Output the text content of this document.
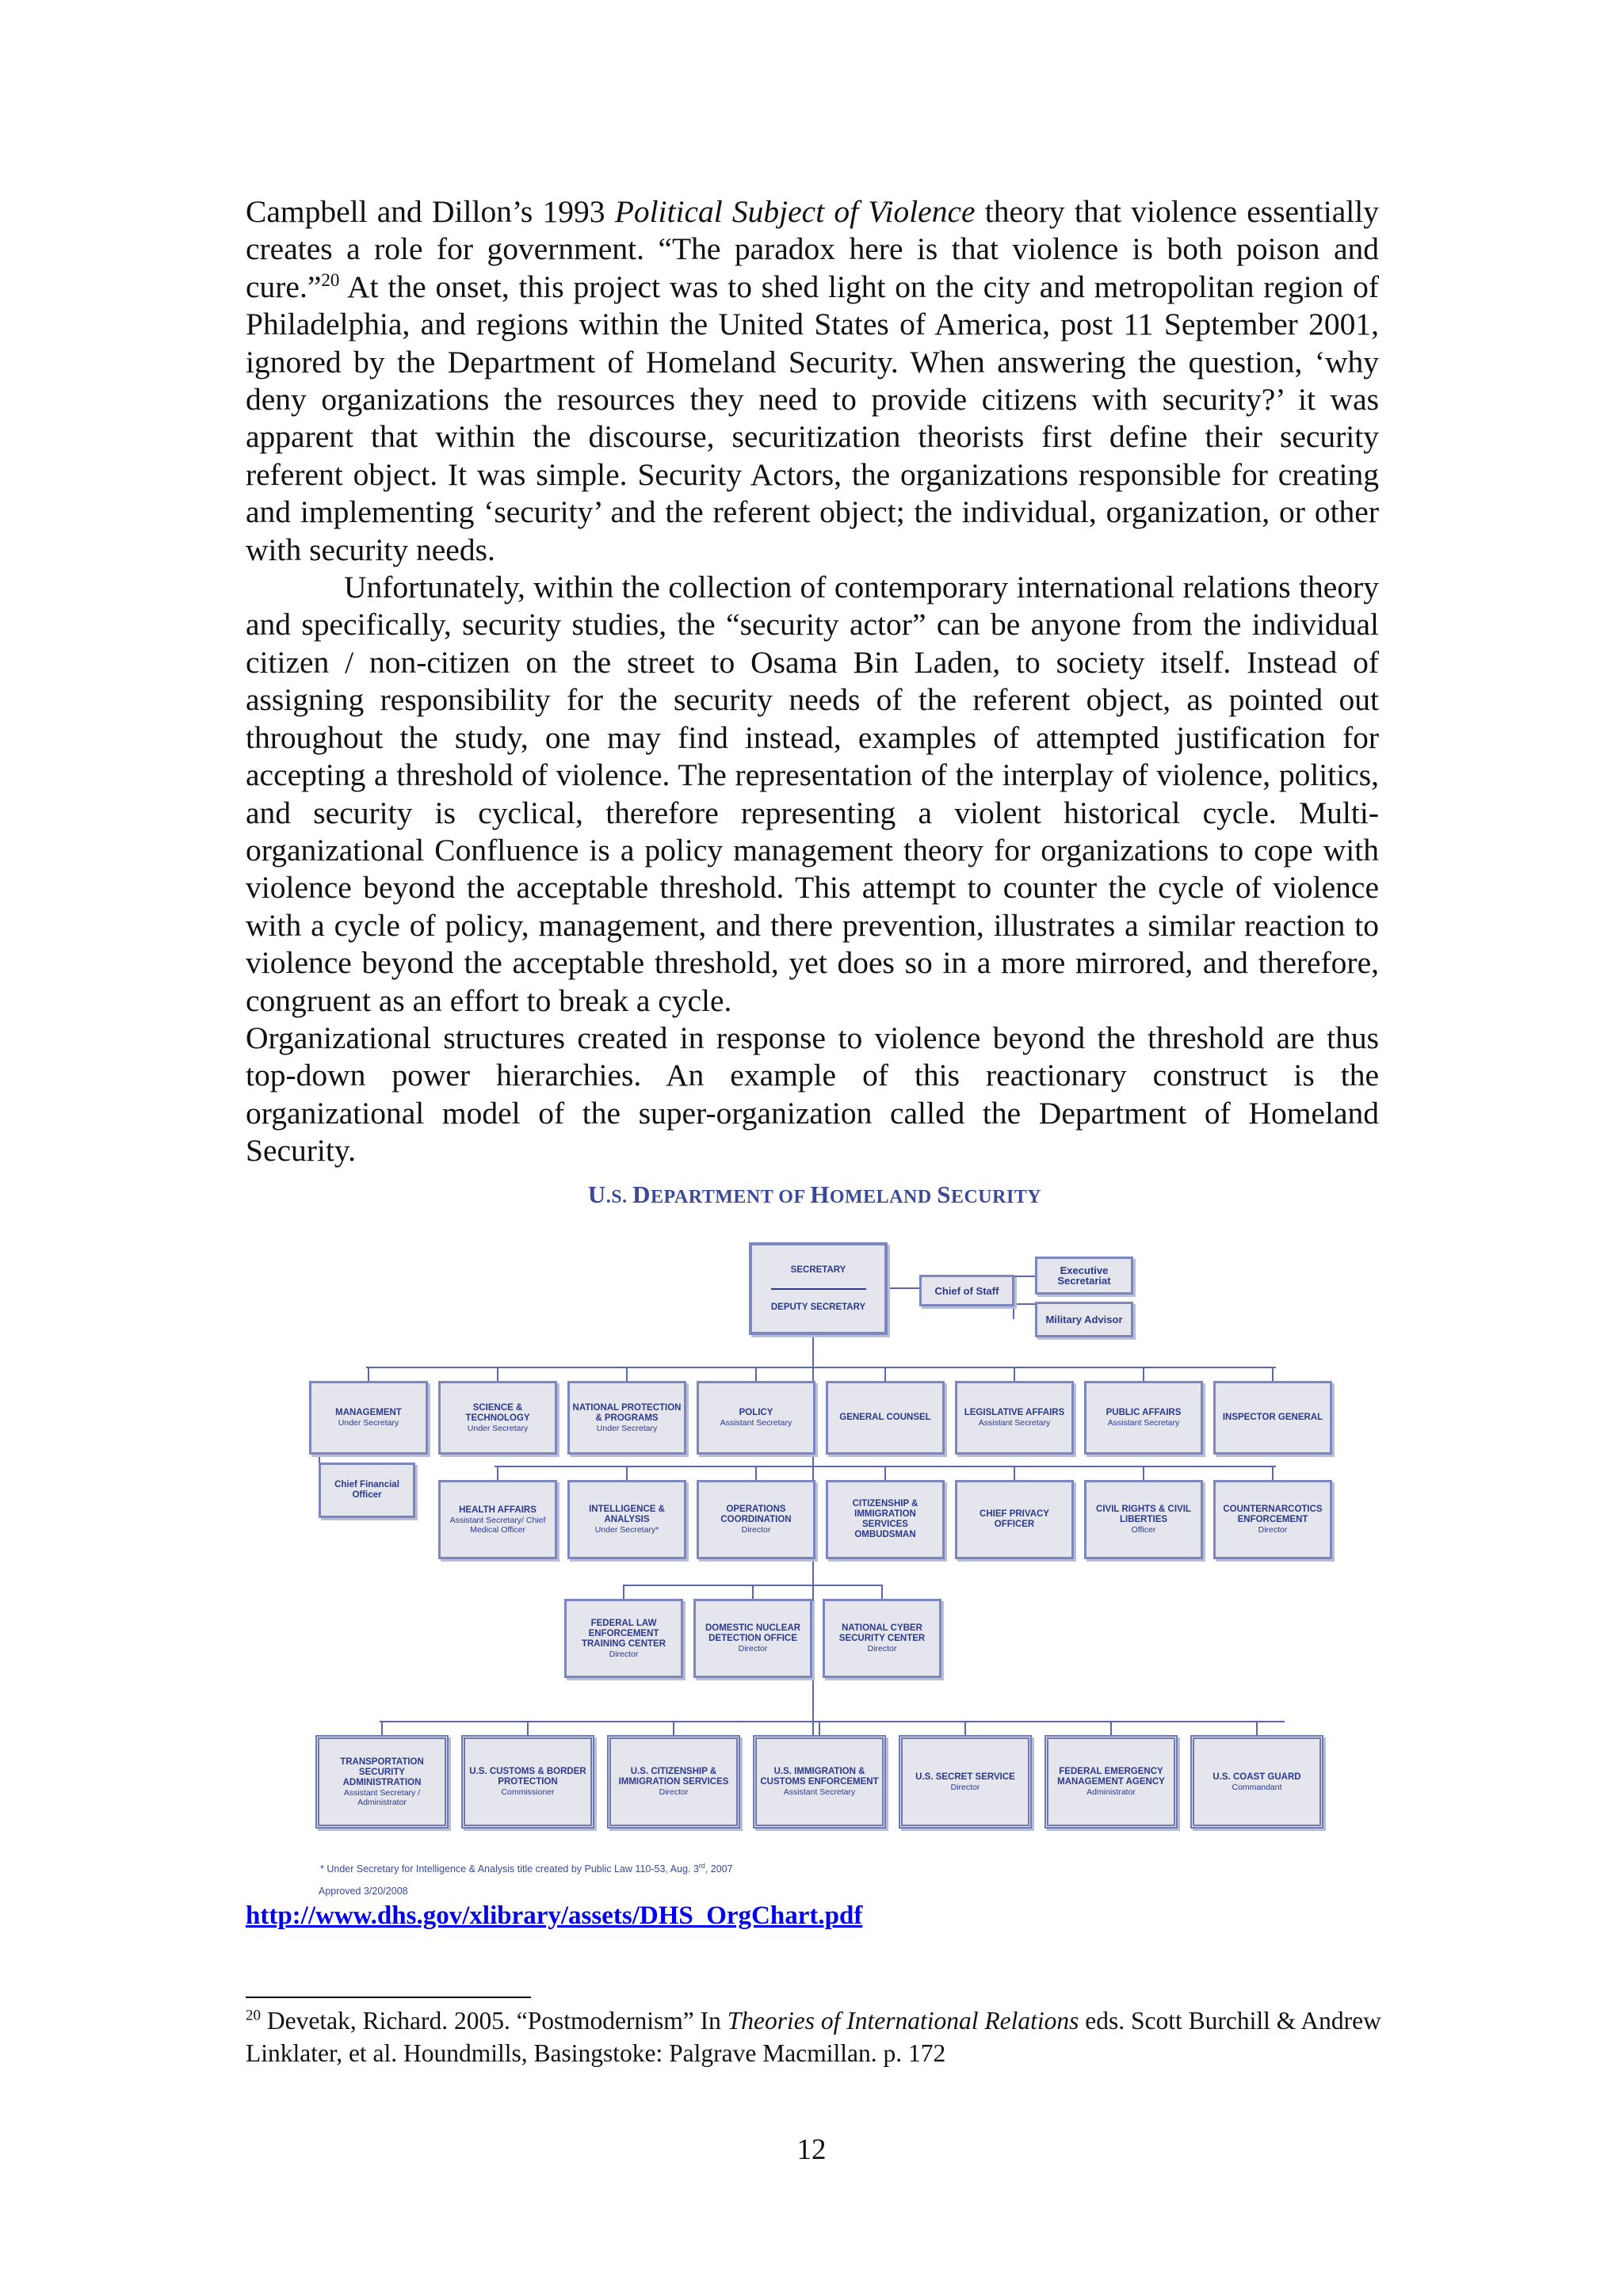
Campbell and Dillon’s 1993 Political Subject of Violence theory that violence essentially creates a role for government. “The paradox here is that violence is both poison and cure.”$^{20}$ At the onset, this project was to shed light on the city and metropolitan region of Philadelphia, and regions within the United States of America, post 11 September 2001, ignored by the Department of Homeland Security. When answering the question, ‘why deny organizations the resources they need to provide citizens with security?’ it was apparent that within the discourse, securitization theorists first define their security referent object. It was simple. Security Actors, the organizations responsible for creating and implementing ‘security’ and the referent object; the individual, organization, or other with security needs.

Unfortunately, within the collection of contemporary international relations theory and specifically, security studies, the “security actor” can be anyone from the individual citizen / non-citizen on the street to Osama Bin Laden, to society itself. Instead of assigning responsibility for the security needs of the referent object, as pointed out throughout the study, one may find instead, examples of attempted justification for accepting a threshold of violence. The representation of the interplay of violence, politics, and security is cyclical, therefore representing a violent historical cycle. Multi-organizational Confluence is a policy management theory for organizations to cope with violence beyond the acceptable threshold. This attempt to counter the cycle of violence with a cycle of policy, management, and there prevention, illustrates a similar reaction to violence beyond the acceptable threshold, yet does so in a more mirrored, and therefore, congruent as an effort to break a cycle.

Organizational structures created in response to violence beyond the threshold are thus top-down power hierarchies. An example of this reactionary construct is the organizational model of the super-organization called the Department of Homeland Security.

U.S. DEPARTMENT OF HOMELAND SECURITY
SECRETARY
DEPUTY SECRETARY
Chief of Staff
Executive Secretariat
Military Advisor
MANAGEMENT
Under Secretary
SCIENCE & TECHNOLOGY
Under Secretary
NATIONAL PROTECTION & PROGRAMS
Under Secretary
POLICY
Assistant Secretary
GENERAL COUNSEL	LEGISLATIVE AFFAIRS
Assistant Secretary
PUBLIC AFFAIRS
Assistant Secretary
INSPECTOR GENERAL
Chief Financial Officer
HEALTH AFFAIRS
Assistant Secretary/ Chief Medical Officer
INTELLIGENCE & ANALYSIS
Under Secretary*
OPERATIONS COORDINATION
Director
CITIZENSHIP & IMMIGRATION SERVICES OMBUDSMAN
CHIEF PRIVACY OFFICER
CIVIL RIGHTS & CIVIL LIBERTIES
Officer
COUNTERNARCOTICS ENFORCEMENT
Director
FEDERAL LAW ENFORCEMENT TRAINING CENTER
Director
DOMESTIC NUCLEAR DETECTION OFFICE
Director
NATIONAL CYBER SECURITY CENTER
Director
TRANSPORTATION SECURITY ADMINISTRATION
Assistant Secretary / Administrator
U.S. CUSTOMS & BORDER PROTECTION
Commissioner
U.S. CITIZENSHIP & IMMIGRATION SERVICES
Director
U.S. IMMIGRATION & CUSTOMS ENFORCEMENT
Assistant Secretary
U.S. SECRET SERVICE
Director
FEDERAL EMERGENCY MANAGEMENT AGENCY
Administrator
U.S. COAST GUARD
Commandant
* Under Secretary for Intelligence & Analysis title created by Public Law 110-53, Aug. 3rd, 2007
Approved 3/20/2008
http://www.dhs.gov/xlibrary/assets/DHS_OrgChart.pdf
$^{20}$ Devetak, Richard. 2005. “Postmodernism” In Theories of International Relations eds. Scott Burchill & Andrew Linklater, et al. Houndmills, Basingstoke: Palgrave Macmillan. p. 172
12
